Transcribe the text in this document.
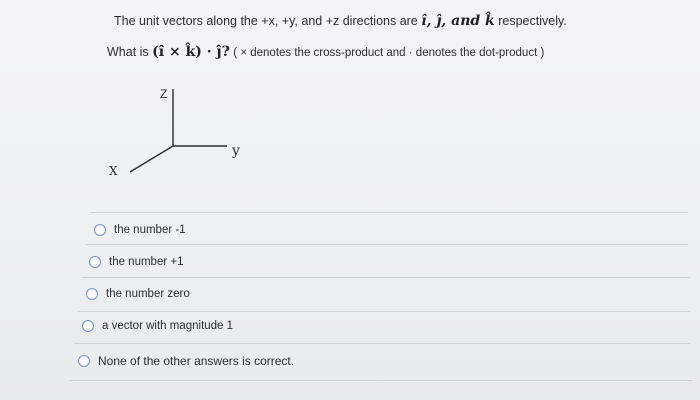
The unit vectors along the +x, +y, and +z directions are î, ĵ, and k̂ respectively.
What is (î × k̂) · ĵ? ( × denotes the cross-product and · denotes the dot-product )
Z
y
X
the number -1
the number +1
the number zero
a vector with magnitude 1
None of the other answers is correct.
